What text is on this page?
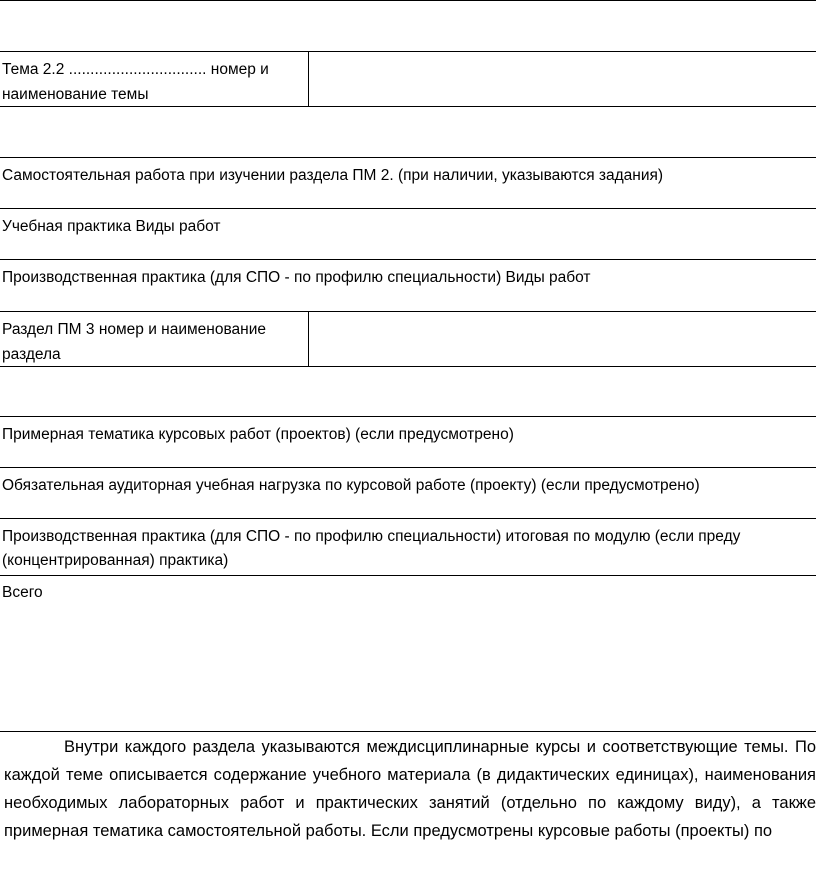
Тема 2.2 ................................ номер и наименование темы
Самостоятельная работа при изучении раздела ПМ 2. (при наличии, указываются задания)
Учебная практика Виды работ
Производственная практика (для СПО - по профилю специальности) Виды работ
Раздел ПМ 3 номер и наименование раздела
Примерная тематика курсовых работ (проектов) (если предусмотрено)
Обязательная аудиторная учебная нагрузка по курсовой работе (проекту) (если предусмотрено)
Производственная практика (для СПО - по профилю специальности) итоговая по модулю (если преду
(концентрированная) практика)
Всего
Внутри каждого раздела указываются междисциплинарные курсы и соответствующие темы. По каждой теме описывается содержание учебного материала (в дидактических единицах), наименования необходимых лабораторных работ и практических занятий (отдельно по каждому виду), а также примерная тематика самостоятельной работы. Если предусмотрены курсовые работы (проекты) по
